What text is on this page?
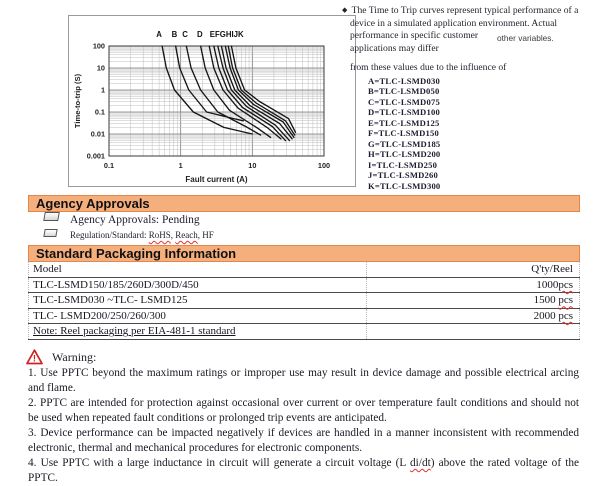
100
10
1
0.1
0.01
0.001
0.1	1	10	100
Fault current (A)
Time-to-trip (S)
A B C D EFGHIJK
◆ The Time to Trip curves represent typical performance of a
device in a simulated application environment. Actual
performance in specific customer
applications may differ
from these values due to the influence of
other variables.
A=TLC-LSMD030
B=TLC-LSMD050
C=TLC-LSMD075
D=TLC-LSMD100
E=TLC-LSMD125
F=TLC-LSMD150
G=TLC-LSMD185
H=TLC-LSMD200
I=TLC-LSMD250
J=TLC-LSMD260
K=TLC-LSMD300
Agency Approvals
Agency Approvals: Pending
Regulation/Standard: RoHS, Reach, HF
Standard Packaging Information
Model	Q'ty/Reel
TLC-LSMD150/185/260D/300D/450	1000pcs
TLC-LSMD030 ~TLC- LSMD125	1500 pcs
TLC- LSMD200/250/260/300	2000 pcs
Note: Reel packaging per EIA-481-1 standard	
! Warning:

1. Use PPTC beyond the maximum ratings or improper use may result in device damage and possible electrical arcing and flame.

2. PPTC are intended for protection against occasional over current or over temperature fault conditions and should not be used when repeated fault conditions or prolonged trip events are anticipated.

3. Device performance can be impacted negatively if devices are handled in a manner inconsistent with recommended electronic, thermal and mechanical procedures for electronic components.

4. Use PPTC with a large inductance in circuit will generate a circuit voltage (L di/dt) above the rated voltage of the PPTC.
